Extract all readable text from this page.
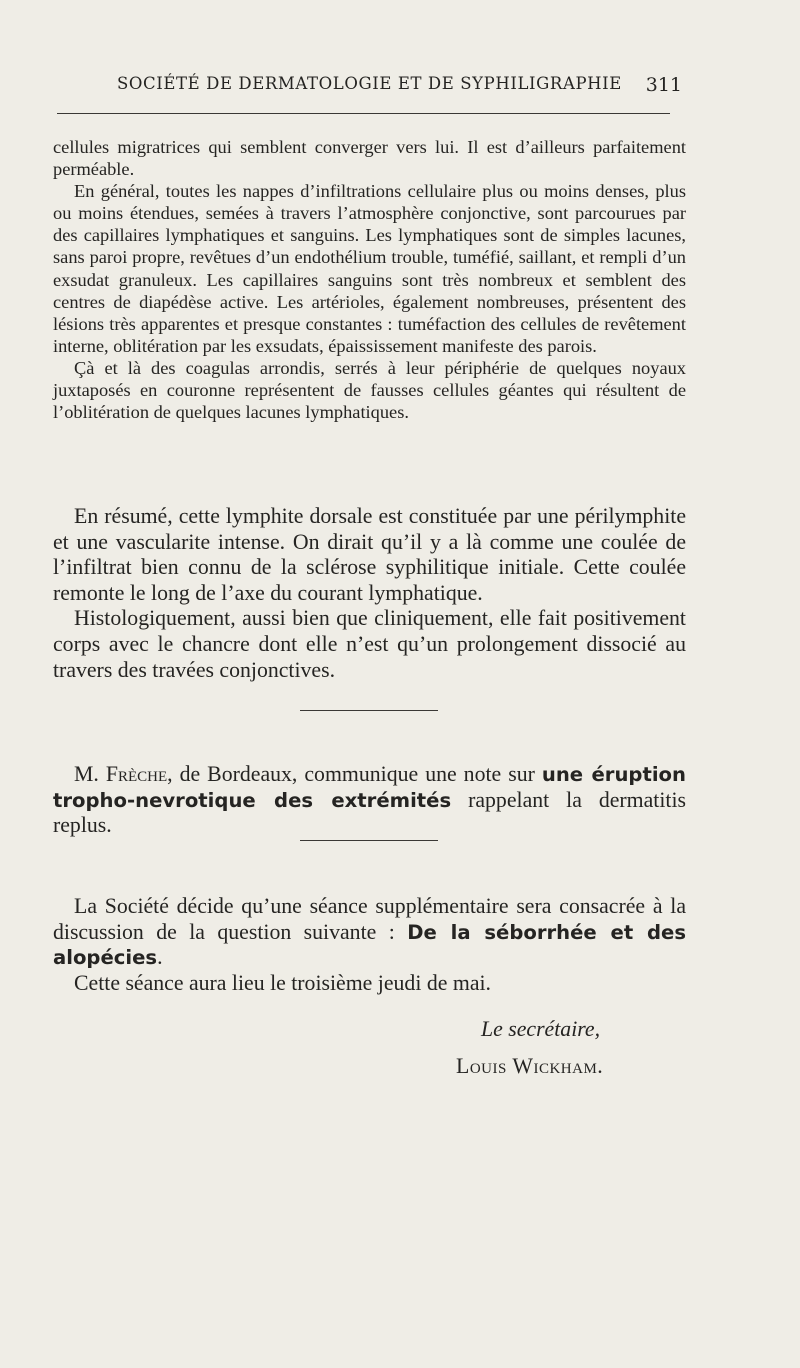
SOCIÉTÉ DE DERMATOLOGIE ET DE SYPHILIGRAPHIE 311

cellules migratrices qui semblent converger vers lui. Il est d’ailleurs parfaitement perméable.

En général, toutes les nappes d’infiltrations cellulaire plus ou moins denses, plus ou moins étendues, semées à travers l’atmosphère conjonctive, sont parcourues par des capillaires lymphatiques et sanguins. Les lymphatiques sont de simples lacunes, sans paroi propre, revêtues d’un endothélium trouble, tuméfié, saillant, et rempli d’un exsudat granuleux. Les capillaires sanguins sont très nombreux et semblent des centres de diapédèse active. Les artérioles, également nombreuses, présentent des lésions très apparentes et presque constantes : tuméfaction des cellules de revêtement interne, oblitération par les exsudats, épaississement manifeste des parois.

Çà et là des coagulas arrondis, serrés à leur périphérie de quelques noyaux juxtaposés en couronne représentent de fausses cellules géantes qui résultent de l’oblitération de quelques lacunes lymphatiques.

En résumé, cette lymphite dorsale est constituée par une périlymphite et une vascularite intense. On dirait qu’il y a là comme une coulée de l’infiltrat bien connu de la sclérose syphilitique initiale. Cette coulée remonte le long de l’axe du courant lymphatique.

Histologiquement, aussi bien que cliniquement, elle fait positivement corps avec le chancre dont elle n’est qu’un prolongement dissocié au travers des travées conjonctives.

M. Frèche, de Bordeaux, communique une note sur une éruption tropho-nevrotique des extrémités rappelant la dermatitis replus.

La Société décide qu’une séance supplémentaire sera consacrée à la discussion de la question suivante : De la séborrhée et des alopécies.

Cette séance aura lieu le troisième jeudi de mai.

Le secrétaire,
Louis Wickham.
